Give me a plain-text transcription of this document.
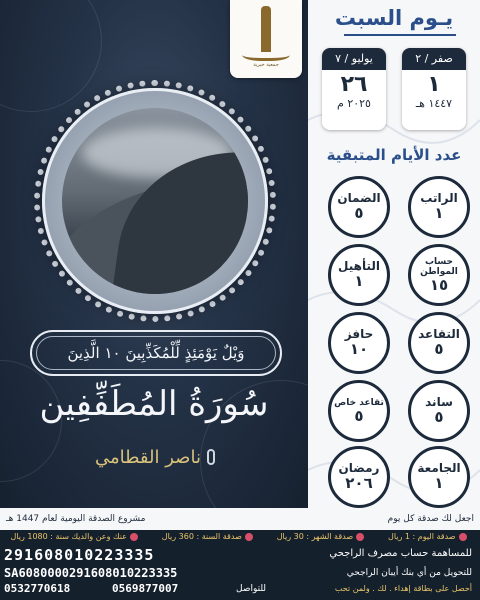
وَيْلٌ يَوْمَئِذٍ لِّلْمُكَذِّبِينَ ١٠ الَّذِينَ
سُورَةُ المُطَفِّفِين
ناصر القطامي
جمعية خيرية
يـوم السبت
صفر / ٢
١
١٤٤٧ هـ
يوليو / ٧
٢٦
٢٠٢٥ م
عدد الأيام المتبقية
الراتب
١
الضمان
٥
حساب المواطن
١٥
التأهيل
١
التقاعد
٥
حافز
١٠
ساند
٥
تقاعد خاص
٥
الجامعة
١
رمضان
٢٠٦
اجعل لك صدقة كل يوم
مشروع الصدقة اليومية لعام 1447 هـ
صدقة اليوم : 1 ريال
صدقة الشهر : 30 ريال
صدقة السنة : 360 ريال
عنك وعن والديك سنة : 1080 ريال
للمساهمة حساب مصرف الراجحي
291608010223335
للتحويل من أي بنك أيبان الراجحي
SA6080000291608010223335
أحصل على بطاقة إهداء . لك . ولمن تحب
للتواصل
0569877007
0532770618
